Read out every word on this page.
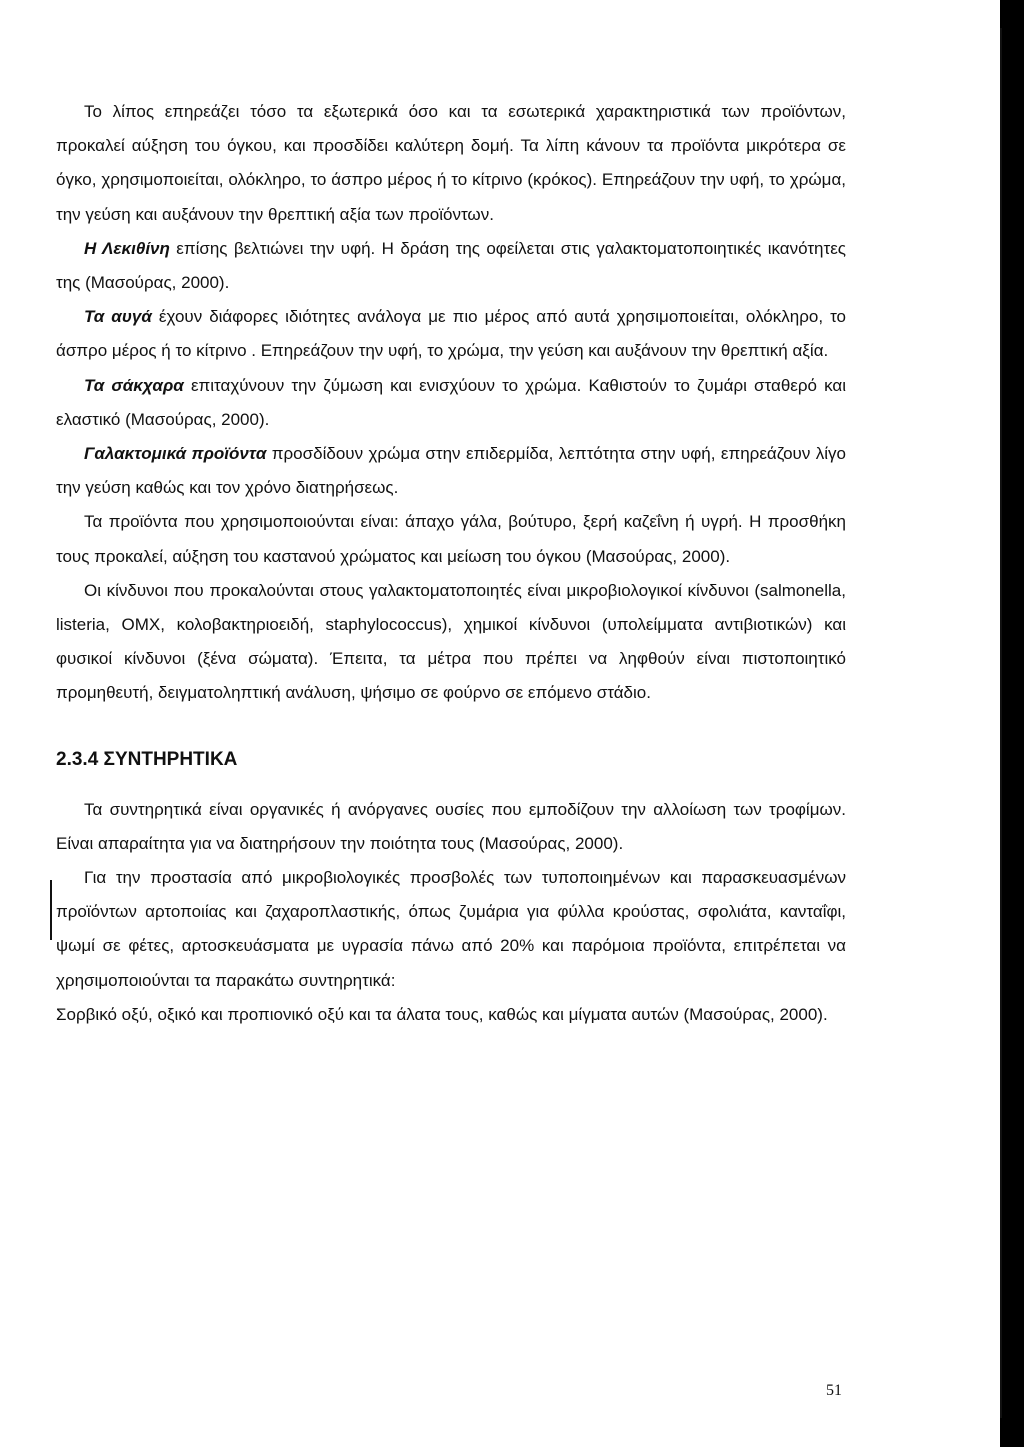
Το λίπος επηρεάζει τόσο τα εξωτερικά όσο και τα εσωτερικά χαρακτηριστικά των προϊόντων, προκαλεί αύξηση του όγκου, και προσδίδει καλύτερη δομή. Τα λίπη κάνουν τα προϊόντα μικρότερα σε όγκο, χρησιμοποιείται, ολόκληρο, το άσπρο μέρος ή το κίτρινο (κρόκος). Επηρεάζουν την υφή, το χρώμα, την γεύση και αυξάνουν την θρεπτική αξία των προϊόντων.

Η Λεκιθίνη επίσης βελτιώνει την υφή. Η δράση της οφείλεται στις γαλακτοματοποιητικές ικανότητες της (Μασούρας, 2000).

Τα αυγά έχουν διάφορες ιδιότητες ανάλογα με πιο μέρος από αυτά χρησιμοποιείται, ολόκληρο, το άσπρο μέρος ή το κίτρινο . Επηρεάζουν την υφή, το χρώμα, την γεύση και αυξάνουν την θρεπτική αξία.

Τα σάκχαρα επιταχύνουν την ζύμωση και ενισχύουν το χρώμα. Καθιστούν το ζυμάρι σταθερό και ελαστικό (Μασούρας, 2000).

Γαλακτομικά προϊόντα προσδίδουν χρώμα στην επιδερμίδα, λεπτότητα στην υφή, επηρεάζουν λίγο την γεύση καθώς και τον χρόνο διατηρήσεως.

Τα προϊόντα που χρησιμοποιούνται είναι: άπαχο γάλα, βούτυρο, ξερή καζεΐνη ή υγρή. Η προσθήκη τους προκαλεί, αύξηση του καστανού χρώματος και μείωση του όγκου (Μασούρας, 2000).

Οι κίνδυνοι που προκαλούνται στους γαλακτοματοποιητές είναι μικροβιολογικοί κίνδυνοι (salmonella, listeria, ΟΜΧ, κολοβακτηριοειδή, staphylococcus), χημικοί κίνδυνοι (υπολείμματα αντιβιοτικών) και φυσικοί κίνδυνοι (ξένα σώματα). Έπειτα, τα μέτρα που πρέπει να ληφθούν είναι πιστοποιητικό προμηθευτή, δειγματοληπτική ανάλυση, ψήσιμο σε φούρνο σε επόμενο στάδιο.

2.3.4 ΣΥΝΤΗΡΗΤΙΚΑ

Τα συντηρητικά είναι οργανικές ή ανόργανες ουσίες που εμποδίζουν την αλλοίωση των τροφίμων. Είναι απαραίτητα για να διατηρήσουν την ποιότητα τους (Μασούρας, 2000).

Για την προστασία από μικροβιολογικές προσβολές των τυποποιημένων και παρασκευασμένων προϊόντων αρτοποιίας και ζαχαροπλαστικής, όπως ζυμάρια για φύλλα κρούστας, σφολιάτα, κανταΐφι, ψωμί σε φέτες, αρτοσκευάσματα με υγρασία πάνω από 20% και παρόμοια προϊόντα, επιτρέπεται να χρησιμοποιούνται τα παρακάτω συντηρητικά:

Σορβικό οξύ, οξικό και προπιονικό οξύ και τα άλατα τους, καθώς και μίγματα αυτών (Μασούρας, 2000).

51
